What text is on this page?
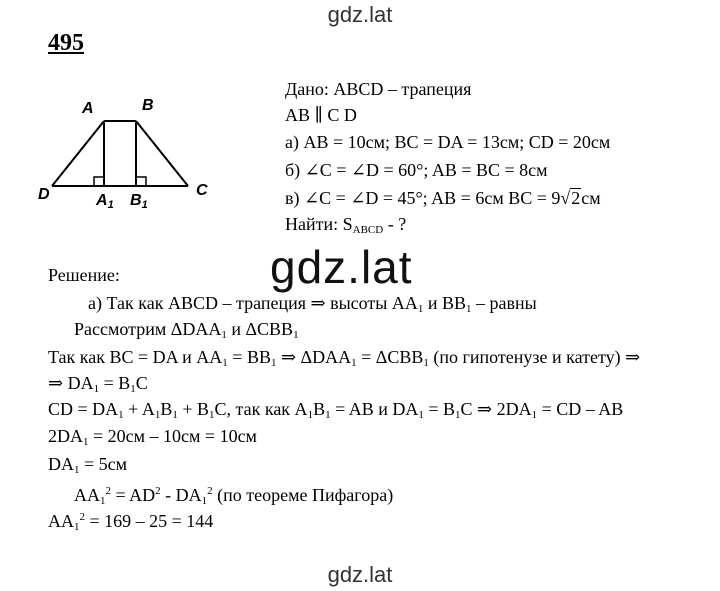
gdz.lat
495
A	B
C
D	$A_1$ $B_1$
Дано: ABCD – трапеция
AB ∥ C D
а) AB = 10см; BC = DA = 13см; CD = 20см
б) ∠C = ∠D = 60°; AB = BC = 8см
в) ∠C = ∠D = 45°; AB = 6см BC = 9√2см
Найти: $S_{ABCD}$ - ?
gdz.lat
Решение:
а) Так как ABCD – трапеция ⇒ высоты $AA_1$ и $BB_1$ – равны
Рассмотрим $\Delta DAA_1$ и $\Delta CBB_1$
Так как BC = DA и $AA_1 = BB_1$ ⇒ $\Delta DAA_1 = \Delta CBB_1$ (по гипотенузе и катету) ⇒
⇒ $DA_1 = B_1C$
CD = $DA_1 + A_1B_1 + B_1C$, так как $A_1B_1$ = AB и $DA_1 = B_1C$ ⇒ $2DA_1$ = CD – AB
$2DA_1 = 20см - 10см = 10см$
$DA_1 = 5см$
$AA_1^2 = AD^2 - DA_1^2$ (по теореме Пифагора)
$AA_1^2 = 169 - 25 = 144$
gdz.lat
